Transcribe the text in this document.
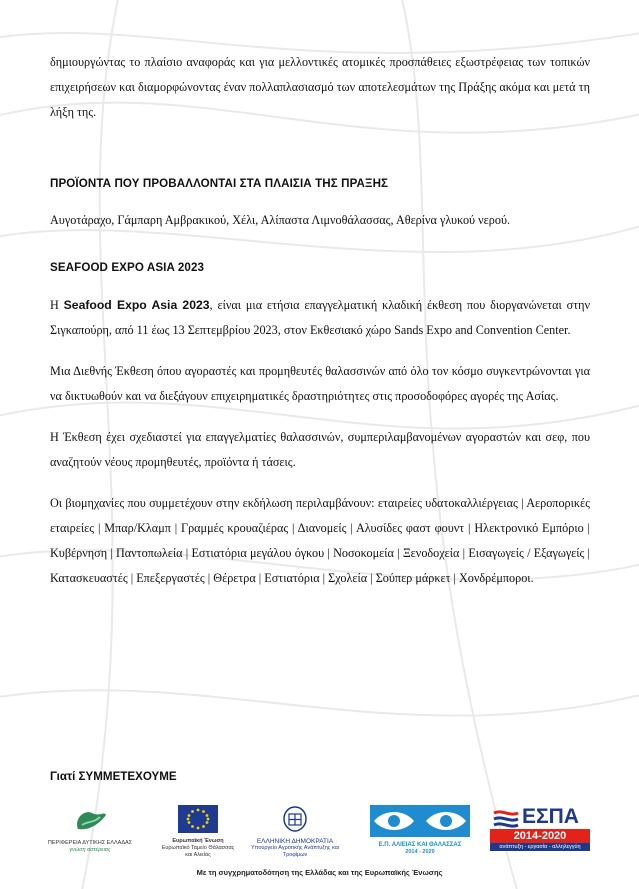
δημιουργώντας το πλαίσιο αναφοράς και για μελλοντικές ατομικές προσπάθειες εξωστρέφειας των τοπικών επιχειρήσεων και διαμορφώνοντας έναν πολλαπλασιασμό των αποτελεσμάτων της Πράξης ακόμα και μετά τη λήξη της.

ΠΡΟΪΟΝΤΑ ΠΟΥ ΠΡΟΒΑΛΛΟΝΤΑΙ ΣΤΑ ΠΛΑΙΣΙΑ ΤΗΣ ΠΡΑΞΗΣ

Αυγοτάραχο, Γάμπαρη Αμβρακικού, Χέλι, Αλίπαστα Λιμνοθάλασσας, Αθερίνα γλυκού νερού.

SEAFOOD EXPO ASIA 2023

Η Seafood Expo Asia 2023, είναι μια ετήσια επαγγελματική κλαδική έκθεση που διοργανώνεται στην Σιγκαπούρη, από 11 έως 13 Σεπτεμβρίου 2023, στον Εκθεσιακό χώρο Sands Expo and Convention Center.

Μια Διεθνής Έκθεση όπου αγοραστές και προμηθευτές θαλασσινών από όλο τον κόσμο συγκεντρώνονται για να δικτυωθούν και να διεξάγουν επιχειρηματικές δραστηριότητες στις προσοδοφόρες αγορές της Ασίας.

Η Έκθεση έχει σχεδιαστεί για επαγγελματίες θαλασσινών, συμπεριλαμβανομένων αγοραστών και σεφ, που αναζητούν νέους προμηθευτές, προϊόντα ή τάσεις.

Οι βιομηχανίες που συμμετέχουν στην εκδήλωση περιλαμβάνουν: εταιρείες υδατοκαλλιέργειας | Αεροπορικές εταιρείες | Μπαρ/Κλαμπ | Γραμμές κρουαζιέρας | Διανομείς | Αλυσίδες φαστ φουντ | Ηλεκτρονικό Εμπόριο | Κυβέρνηση | Παντοπωλεία | Εστιατόρια μεγάλου όγκου | Νοσοκομεία | Ξενοδοχεία | Εισαγωγείς / Εξαγωγείς | Κατασκευαστές | Επεξεργαστές | Θέρετρα | Εστιατόρια | Σχολεία | Σούπερ μάρκετ | Χονδρέμποροι.

Γιατί ΣΥΜΜΕΤΕΧΟΥΜΕ
ΠΕΡΙΦΕΡΕΙΑ ΔΥΤΙΚΗΣ ΕΛΛΑΔΑΣ
γνώση αστέρειας
Ευρωπαϊκή Ένωση
Ευρωπαϊκό Ταμείο Θάλασσας και Αλιείας
ΕΛΛΗΝΙΚΗ ΔΗΜΟΚΡΑΤΙΑ
Υπουργείο Αγροτικής Ανάπτυξης και Τροφίμων
Ε.Π. ΑΛΙΕΙΑΣ ΚΑΙ ΘΑΛΑΣΣΑΣ
2014 - 2020
ΕΣΠΑ
2014-2020
ανάπτυξη - εργασία - αλληλεγγύη
Με τη συγχρηματοδότηση της Ελλάδας και της Ευρωπαϊκής Ένωσης
